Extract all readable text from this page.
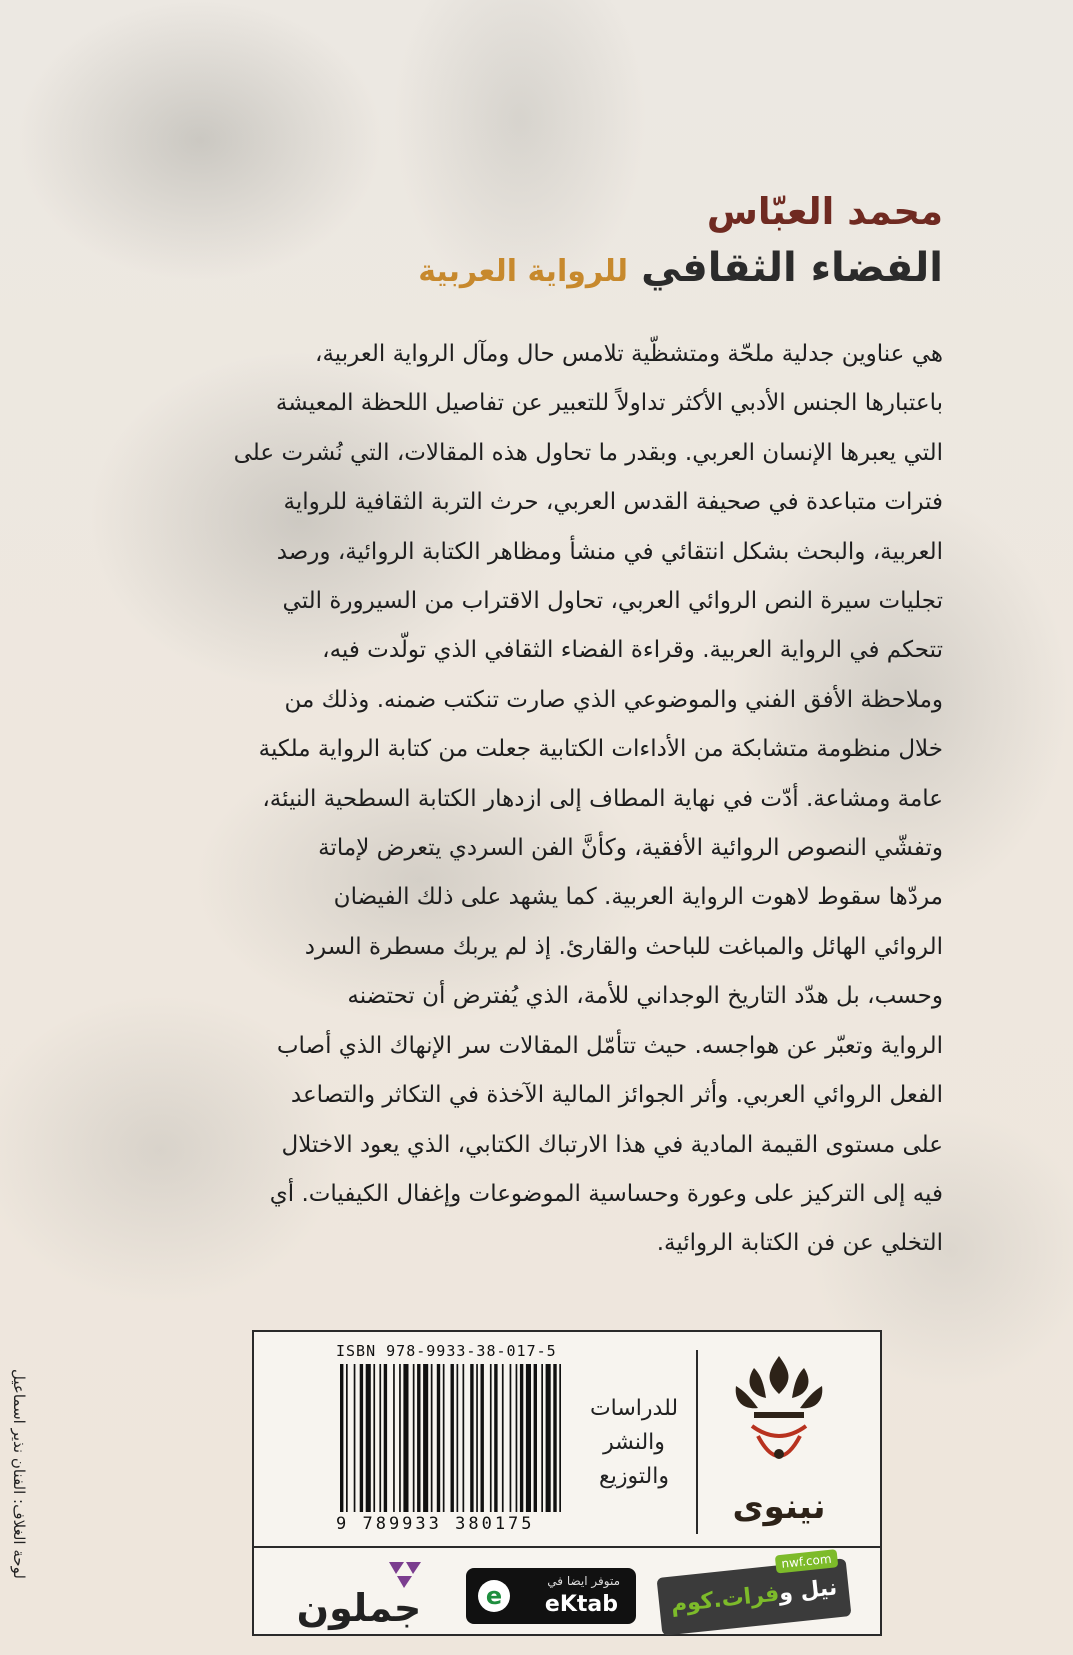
محمد العبّاس
الفضاء الثقافي للرواية العربية
هي عناوين جدلية ملحّة ومتشظّية تلامس حال ومآل الرواية العربية،
باعتبارها الجنس الأدبي الأكثر تداولاً للتعبير عن تفاصيل اللحظة المعيشة
التي يعبرها الإنسان العربي. وبقدر ما تحاول هذه المقالات، التي نُشرت على
فترات متباعدة في صحيفة القدس العربي، حرث التربة الثقافية للرواية
العربية، والبحث بشكل انتقائي في منشأ ومظاهر الكتابة الروائية، ورصد
تجليات سيرة النص الروائي العربي، تحاول الاقتراب من السيرورة التي
تتحكم في الرواية العربية. وقراءة الفضاء الثقافي الذي تولّدت فيه،
وملاحظة الأفق الفني والموضوعي الذي صارت تنكتب ضمنه. وذلك من
خلال منظومة متشابكة من الأداءات الكتابية جعلت من كتابة الرواية ملكية
عامة ومشاعة. أدّت في نهاية المطاف إلى ازدهار الكتابة السطحية النيئة،
وتفشّي النصوص الروائية الأفقية، وكأنَّ الفن السردي يتعرض لإماتة
مردّها سقوط لاهوت الرواية العربية. كما يشهد على ذلك الفيضان
الروائي الهائل والمباغت للباحث والقارئ. إذ لم يربك مسطرة السرد
وحسب، بل هدّد التاريخ الوجداني للأمة، الذي يُفترض أن تحتضنه
الرواية وتعبّر عن هواجسه. حيث تتأمّل المقالات سر الإنهاك الذي أصاب
الفعل الروائي العربي. وأثر الجوائز المالية الآخذة في التكاثر والتصاعد
على مستوى القيمة المادية في هذا الارتباك الكتابي، الذي يعود الاختلال
فيه إلى التركيز على وعورة وحساسية الموضوعات وإغفال الكيفيات. أي
التخلي عن فن الكتابة الروائية.
ISBN 978-9933-38-017-5
9 789933 380175
للدراسات
والنشر
والتوزيع
نينوى
جملون	e
متوفر ايضا في
eKtab
nwf.com
نيل وفرات.كوم
لوحة الغلاف: الفنان نذير اسماعيل
